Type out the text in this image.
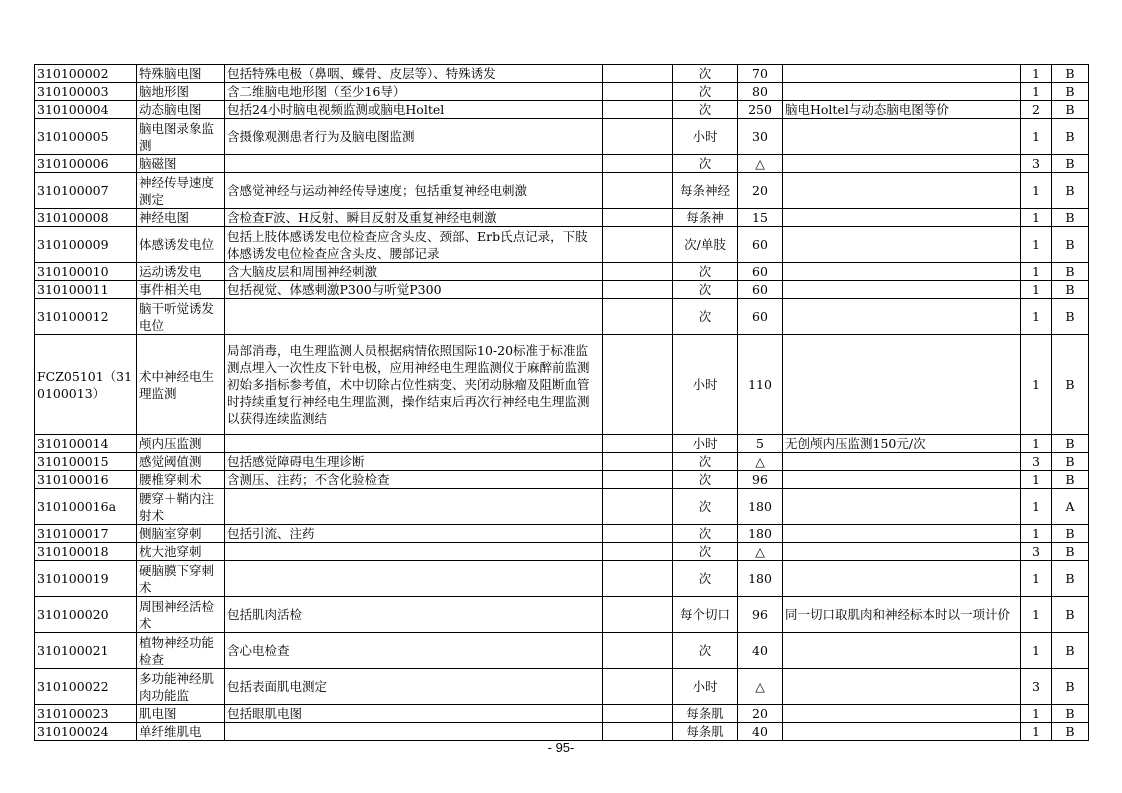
310100002	特殊脑电图	包括特殊电极（鼻咽、蝶骨、皮层等）、特殊诱发		次	70		1	B
310100003	脑地形图	含二维脑电地形图（至少16导）		次	80		1	B
310100004	动态脑电图	包括24小时脑电视频监测或脑电Holtel		次	250	脑电Holtel与动态脑电图等价	2	B
310100005	脑电图录象监测	含摄像观测患者行为及脑电图监测		小时	30		1	B
310100006	脑磁图			次	△		3	B
310100007	神经传导速度测定	含感觉神经与运动神经传导速度；包括重复神经电刺激		每条神经	20		1	B
310100008	神经电图	含检查F波、H反射、瞬目反射及重复神经电刺激		每条神	15		1	B
310100009	体感诱发电位	包括上肢体感诱发电位检查应含头皮、颈部、Erb氏点记录，下肢体感诱发电位检查应含头皮、腰部记录		次/单肢	60		1	B
310100010	运动诱发电	含大脑皮层和周围神经刺激		次	60		1	B
310100011	事件相关电	包括视觉、体感刺激P300与听觉P300		次	60		1	B
310100012	脑干听觉诱发电位			次	60		1	B
FCZ05101（310100013）	术中神经电生理监测	局部消毒，电生理监测人员根据病情依照国际10-20标准于标准监测点埋入一次性皮下针电极，应用神经电生理监测仪于麻醉前监测初始多指标参考值，术中切除占位性病变、夹闭动脉瘤及阻断血管时持续重复行神经电生理监测，操作结束后再次行神经电生理监测以获得连续监测结		小时	110		1	B
310100014	颅内压监测			小时	5	无创颅内压监测150元/次	1	B
310100015	感觉阈值测	包括感觉障碍电生理诊断		次	△		3	B
310100016	腰椎穿刺术	含测压、注药；不含化验检查		次	96		1	B
310100016a	腰穿＋鞘内注射术			次	180		1	A
310100017	侧脑室穿刺	包括引流、注药		次	180		1	B
310100018	枕大池穿刺			次	△		3	B
310100019	硬脑膜下穿刺术			次	180		1	B
310100020	周围神经活检术	包括肌肉活检		每个切口	96	同一切口取肌肉和神经标本时以一项计价	1	B
310100021	植物神经功能检查	含心电检查		次	40		1	B
310100022	多功能神经肌肉功能监	包括表面肌电测定		小时	△		3	B
310100023	肌电图	包括眼肌电图		每条肌	20		1	B
310100024	单纤维肌电			每条肌	40		1	B
- 95-
